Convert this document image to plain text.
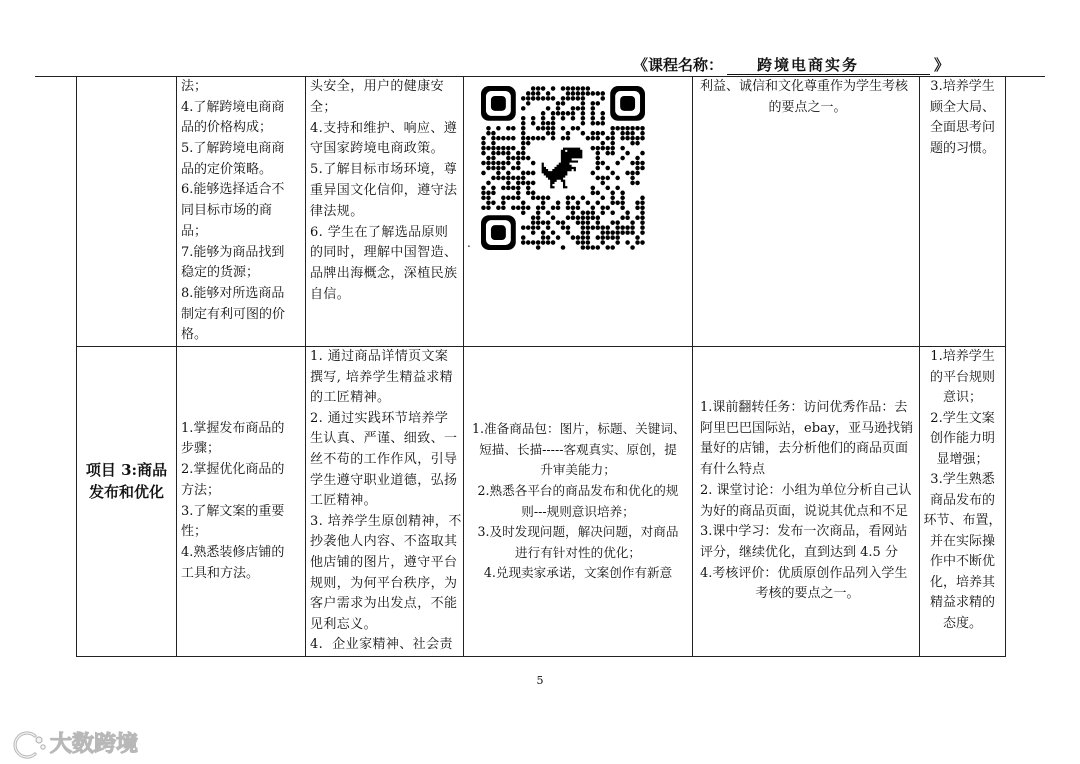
《课程名称： 跨境电商实务	》
法；
4.了解跨境电商商
品的价格构成；
5.了解跨境电商商
品的定价策略。
6.能够选择适合不
同目标市场的商
品；
7.能够为商品找到
稳定的货源；
8.能够对所选商品
制定有利可图的价
格。
头安全，用户的健康安
全；
4.支持和维护、响应、遵
守国家跨境电商政策。
5.了解目标市场环境，尊
重异国文化信仰，遵守法
律法规。
6. 学生在了解选品原则
的同时，理解中国智造、
品牌出海概念，深植民族
自信。
.
利益、诚信和文化尊重作为学生考核
的要点之一。
3.培养学生
顾全大局、
全面思考问
题的习惯。
项目 3:商品
发布和优化
1.掌握发布商品的
步骤；
2.掌握优化商品的
方法；
3.了解文案的重要
性；
4.熟悉装修店铺的
工具和方法。
1. 通过商品详情页文案
撰写, 培养学生精益求精
的工匠精神。
2. 通过实践环节培养学
生认真、严谨、细致、一
丝不苟的工作作风，引导
学生遵守职业道德，弘扬
工匠精神。
3. 培养学生原创精神，不
抄袭他人内容、不盗取其
他店铺的图片，遵守平台
规则，为何平台秩序，为
客户需求为出发点，不能
见利忘义。
4.  企业家精神、社会责
1.准备商品包：图片，标题、关键词、
短描、长描-----客观真实、原创，提
升审美能力；
2.熟悉各平台的商品发布和优化的规
则---规则意识培养；
3.及时发现问题，解决问题，对商品
进行有针对性的优化；
4.兑现卖家承诺，文案创作有新意
1.课前翻转任务：访问优秀作品：去
阿里巴巴国际站，ebay，亚马逊找销
量好的店铺，去分析他们的商品页面
有什么特点
2. 课堂讨论：小组为单位分析自己认
为好的商品页面，说说其优点和不足
3.课中学习：发布一次商品，看网站
评分，继续优化，直到达到 4.5 分
4.考核评价：优质原创作品列入学生
考核的要点之一。
1.培养学生
的平台规则
意识；
2.学生文案
创作能力明
显增强；
3.学生熟悉
商品发布的
环节、布置，
并在实际操
作中不断优
化，培养其
精益求精的
态度。
5
大数跨境
